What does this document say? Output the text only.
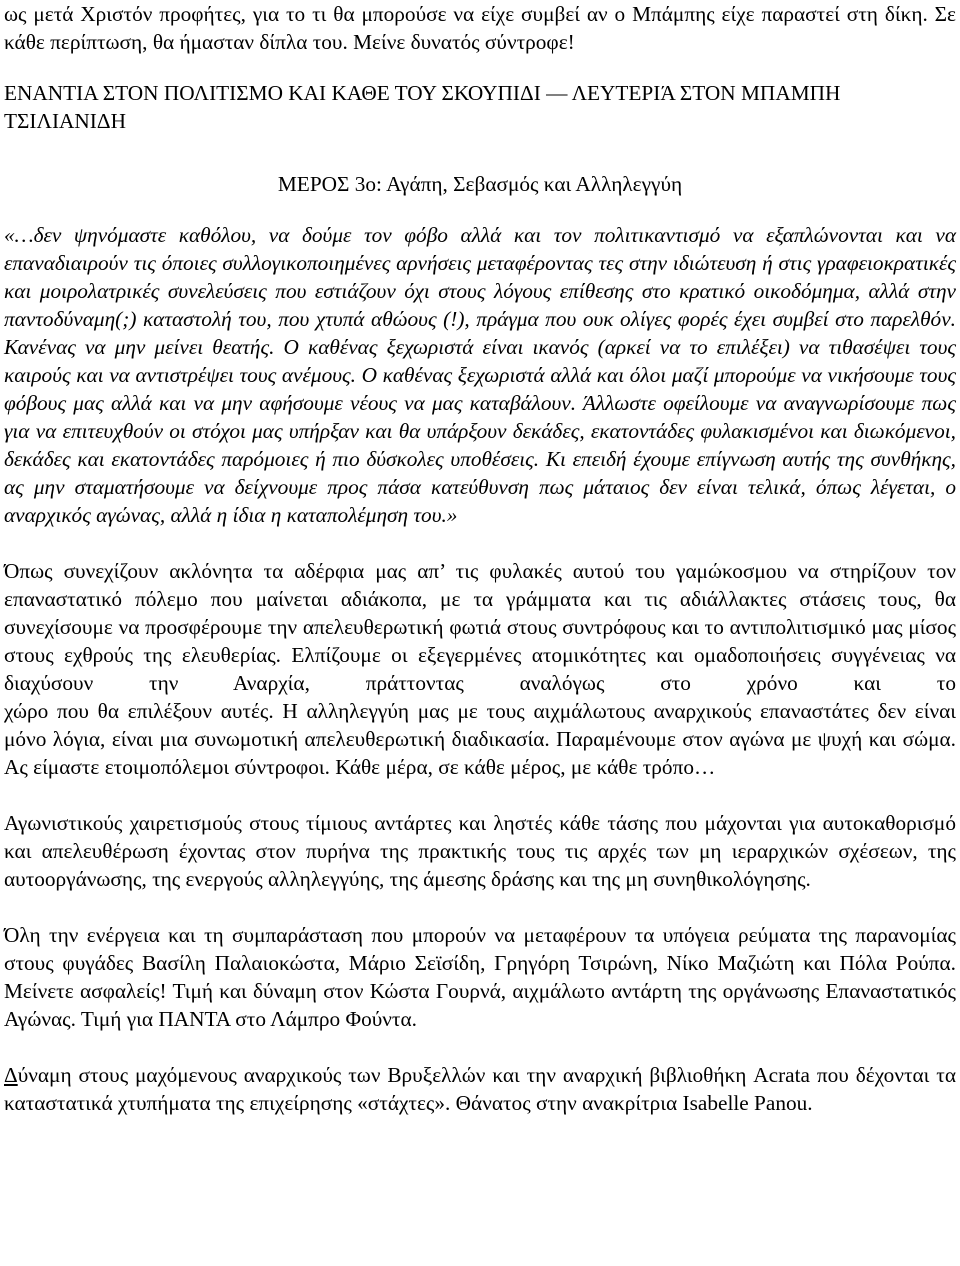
ως μετά Χριστόν προφήτες, για το τι θα μπορούσε να είχε συμβεί αν ο Μπάμπης είχε παραστεί στη δίκη. Σε κάθε περίπτωση, θα ήμασταν δίπλα του. Μείνε δυνατός σύντροφε!

ΕΝΑΝΤΙΑ ΣΤΟΝ ΠΟΛΙΤΙΣΜΟ ΚΑΙ ΚΑΘΕ ΤΟΥ ΣΚΟΥΠΙΔΙ — ΛΕΥΤΕΡΙΆ ΣΤΟΝ ΜΠΑΜΠΗ ΤΣΙΛΙΑΝΙΔΗ

ΜΕΡΟΣ 3ο: Αγάπη, Σεβασμός και Αλληλεγγύη

«…δεν ψηνόμαστε καθόλου, να δούμε τον φόβο αλλά και τον πολιτικαντισμό να εξαπλώνονται και να επαναδιαιρούν τις όποιες συλλογικοποιημένες αρνήσεις μεταφέροντας τες στην ιδιώτευση ή στις γραφειοκρατικές και μοιρολατρικές συνελεύσεις που εστιάζουν όχι στους λόγους επίθεσης στο κρατικό οικοδόμημα, αλλά στην παντοδύναμη(;) καταστολή του, που χτυπά αθώους (!), πράγμα που ουκ ολίγες φορές έχει συμβεί στο παρελθόν. Κανένας να μην μείνει θεατής. Ο καθένας ξεχωριστά είναι ικανός (αρκεί να το επιλέξει) να τιθασέψει τους καιρούς και να αντιστρέψει τους ανέμους. Ο καθένας ξεχωριστά αλλά και όλοι μαζί μπορούμε να νικήσουμε τους φόβους μας αλλά και να μην αφήσουμε νέους να μας καταβάλουν. Άλλωστε οφείλουμε να αναγνωρίσουμε πως για να επιτευχθούν οι στόχοι μας υπήρξαν και θα υπάρξουν δεκάδες, εκατοντάδες φυλακισμένοι και διωκόμενοι, δεκάδες και εκατοντάδες παρόμοιες ή πιο δύσκολες υποθέσεις. Κι επειδή έχουμε επίγνωση αυτής της συνθήκης, ας μην σταματήσουμε να δείχνουμε προς πάσα κατεύθυνση πως μάταιος δεν είναι τελικά, όπως λέγεται, ο αναρχικός αγώνας, αλλά η ίδια η καταπολέμηση του.»

Όπως συνεχίζουν ακλόνητα τα αδέρφια μας απ’ τις φυλακές αυτού του γαμώκοσμου να στηρίζουν τον επαναστατικό πόλεμο που μαίνεται αδιάκοπα, με τα γράμματα και τις αδιάλλακτες στάσεις τους, θα συνεχίσουμε να προσφέρουμε την απελευθερωτική φωτιά στους συντρόφους και το αντιπολιτισμικό μας μίσος στους εχθρούς της ελευθερίας. Ελπίζουμε οι εξεγερμένες ατομικότητες και ομαδοποιήσεις συγγένειας να διαχύσουν την Αναρχία, πράττοντας αναλόγως στο χρόνο και το

χώρο που θα επιλέξουν αυτές. Η αλληλεγγύη μας με τους αιχμάλωτους αναρχικούς επαναστάτες δεν είναι μόνο λόγια, είναι μια συνωμοτική απελευθερωτική διαδικασία. Παραμένουμε στον αγώνα με ψυχή και σώμα. Ας είμαστε ετοιμοπόλεμοι σύντροφοι. Κάθε μέρα, σε κάθε μέρος, με κάθε τρόπο…

Αγωνιστικούς χαιρετισμούς στους τίμιους αντάρτες και ληστές κάθε τάσης που μάχονται για αυτοκαθορισμό και απελευθέρωση έχοντας στον πυρήνα της πρακτικής τους τις αρχές των μη ιεραρχικών σχέσεων, της αυτοοργάνωσης, της ενεργούς αλληλεγγύης, της άμεσης δράσης και της μη συνηθικολόγησης.

Όλη την ενέργεια και τη συμπαράσταση που μπορούν να μεταφέρουν τα υπόγεια ρεύματα της παρανομίας στους φυγάδες Βασίλη Παλαιοκώστα, Μάριο Σεϊσίδη, Γρηγόρη Τσιρώνη, Νίκο Μαζιώτη και Πόλα Ρούπα. Μείνετε ασφαλείς! Τιμή και δύναμη στον Κώστα Γουρνά, αιχμάλωτο αντάρτη της οργάνωσης Επαναστατικός Αγώνας. Τιμή για ΠΑΝΤΑ στο Λάμπρο Φούντα.

Δύναμη στους μαχόμενους αναρχικούς των Βρυξελλών και την αναρχική βιβλιοθήκη Acrata που δέχονται τα καταστατικά χτυπήματα της επιχείρησης «στάχτες». Θάνατος στην ανακρίτρια Isabelle Panou.
